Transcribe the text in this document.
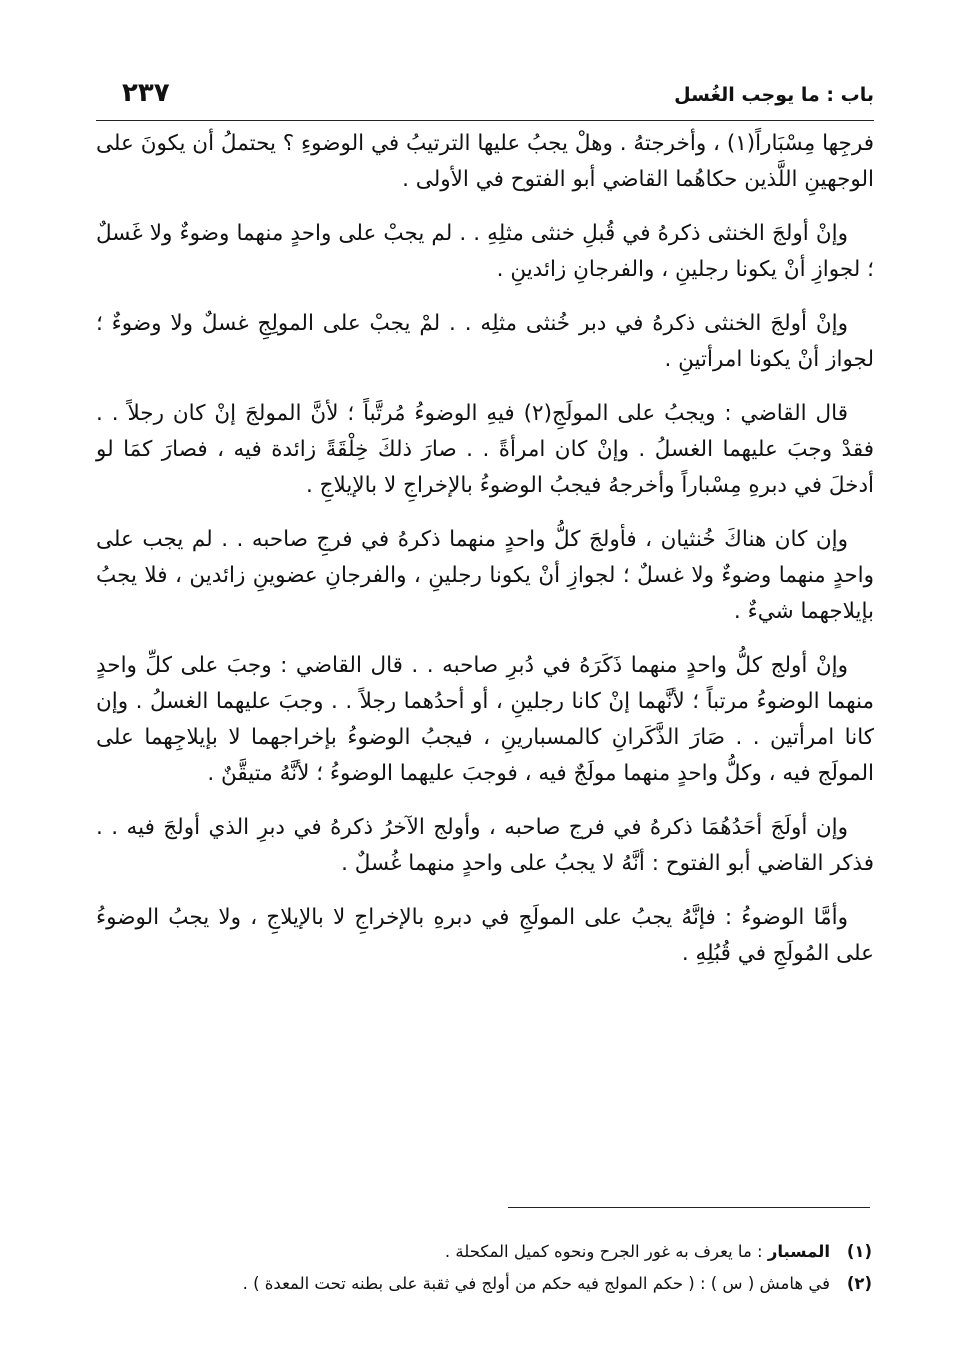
باب : ما يوجب الغُسل
٢٣٧

فرجِها مِسْبَاراً(١) ، وأخرجتهُ . وهلْ يجبُ عليها الترتيبُ في الوضوءِ ؟ يحتملُ أن يكونَ على الوجهينِ اللَّذين حكاهُما القاضي أبو الفتوح في الأولى .

وإنْ أولجَ الخنثى ذكرهُ في قُبلِ خنثى مثلِهِ . . لم يجبْ على واحدٍ منهما وضوءٌ ولا غَسلٌ ؛ لجوازِ أنْ يكونا رجلينِ ، والفرجانِ زائدينِ .

وإنْ أولجَ الخنثى ذكرهُ في دبر خُنثى مثلِه . . لمْ يجبْ على المولِجِ غسلٌ ولا وضوءٌ ؛ لجواز أنْ يكونا امرأتينِ .

قال القاضي : ويجبُ على المولَجِ(٢) فيهِ الوضوءُ مُرتَّباً ؛ لأنَّ المولجَ إنْ كان رجلاً . . فقدْ وجبَ عليهما الغسلُ . وإنْ كان امرأةً . . صارَ ذلكَ خِلْقَةً زائدة فيه ، فصارَ كمَا لو أدخلَ في دبرهِ مِسْباراً وأخرجهُ فيجبُ الوضوءُ بالإخراجِ لا بالإيلاجِ .

وإن كان هناكَ خُنثيان ، فأولجَ كلُّ واحدٍ منهما ذكرهُ في فرجِ صاحبه . . لم يجب على واحدٍ منهما وضوءٌ ولا غسلٌ ؛ لجوازِ أنْ يكونا رجلينِ ، والفرجانِ عضوينِ زائدين ، فلا يجبُ بإيلاجهما شيءٌ .

وإنْ أولج كلُّ واحدٍ منهما ذَكَرَهُ في دُبرِ صاحبه . . قال القاضي : وجبَ على كلِّ واحدٍ منهما الوضوءُ مرتباً ؛ لأنَّهما إنْ كانا رجلينِ ، أو أحدُهما رجلاً . . وجبَ عليهما الغسلُ . وإن كانا امرأتين . . صَارَ الذَّكَرانِ كالمسبارينِ ، فيجبُ الوضوءُ بإخراجهما لا بإيلاجِهما على المولَج فيه ، وكلُّ واحدٍ منهما مولَجٌ فيه ، فوجبَ عليهما الوضوءُ ؛ لأنَّهُ متيقَّنٌ .

وإن أولَجَ أحَدُهُمَا ذكرهُ في فرج صاحبه ، وأولج الآخرُ ذكرهُ في دبرِ الذي أولجَ فيه . . فذكر القاضي أبو الفتوح : أنَّهُ لا يجبُ على واحدٍ منهما غُسلٌ .

وأمَّا الوضوءُ : فإنَّهُ يجبُ على المولَجِ في دبرهِ بالإخراجِ لا بالإيلاجِ ، ولا يجبُ الوضوءُ على المُولَجِ في قُبُلِهِ .

(١)المسبار : ما يعرف به غور الجرح ونحوه كميل المكحلة .
(٢)في هامش ( س ) : ( حكم المولج فيه حكم من أولج في ثقبة على بطنه تحت المعدة ) .
